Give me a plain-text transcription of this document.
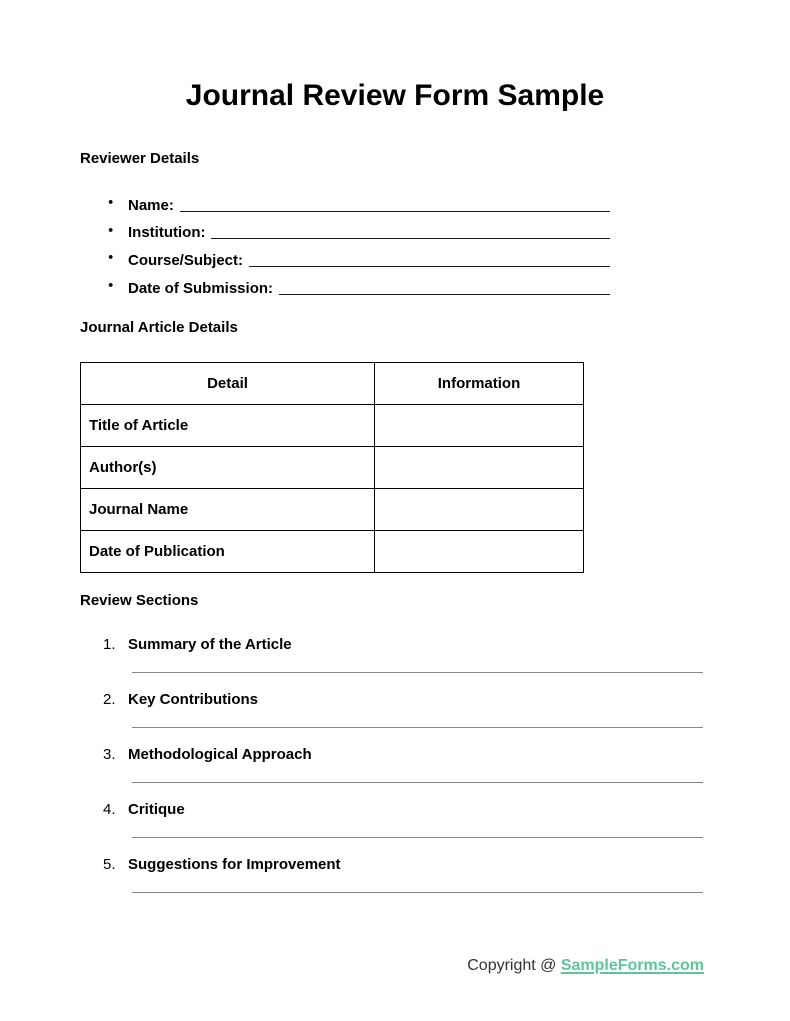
Journal Review Form Sample
Reviewer Details
● Name:
● Institution:
● Course/Subject:
● Date of Submission:
Journal Article Details
Detail	Information
Title of Article	
Author(s)	
Journal Name	
Date of Publication	
Review Sections
1. Summary of the Article
2. Key Contributions
3. Methodological Approach
4. Critique
5. Suggestions for Improvement
Copyright @ SampleForms.com
